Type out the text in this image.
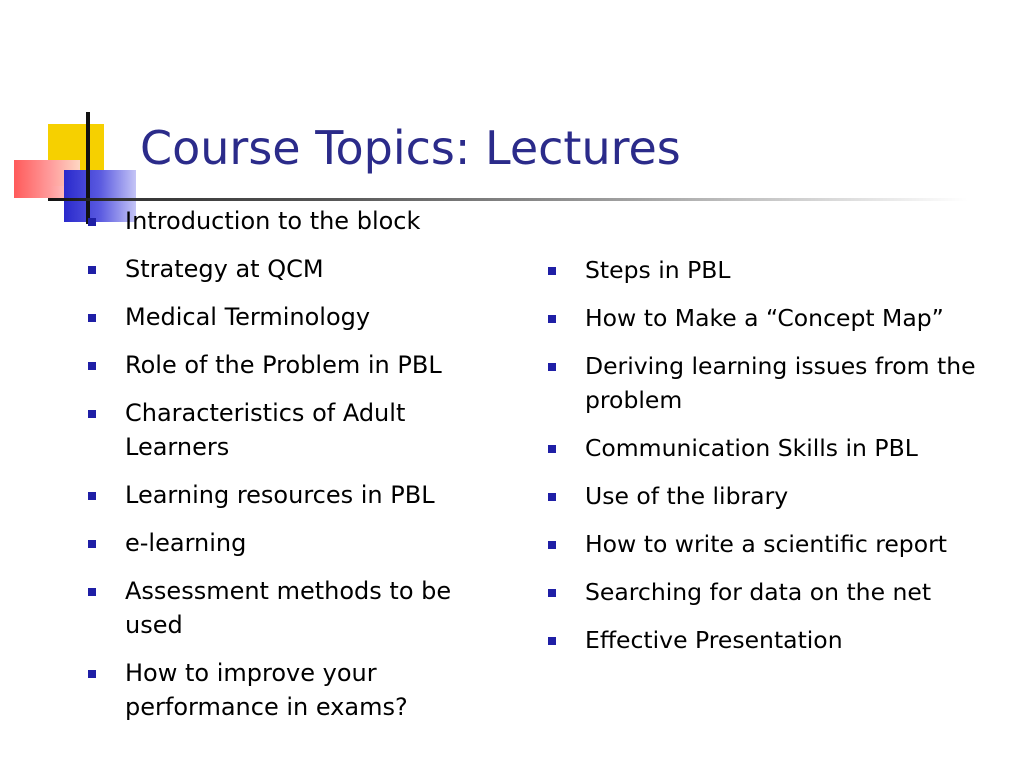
Course Topics: Lectures
Introduction to the block
Strategy at QCM
Medical Terminology
Role of the Problem in PBL
Characteristics of Adult Learners
Learning resources in PBL
e-learning
Assessment methods to be used
How to improve your performance in exams?
Steps in PBL
How to Make a “Concept Map”
Deriving learning issues from the problem
Communication Skills in PBL
Use of the library
How to write a scientific report
Searching for data on the net
Effective Presentation
